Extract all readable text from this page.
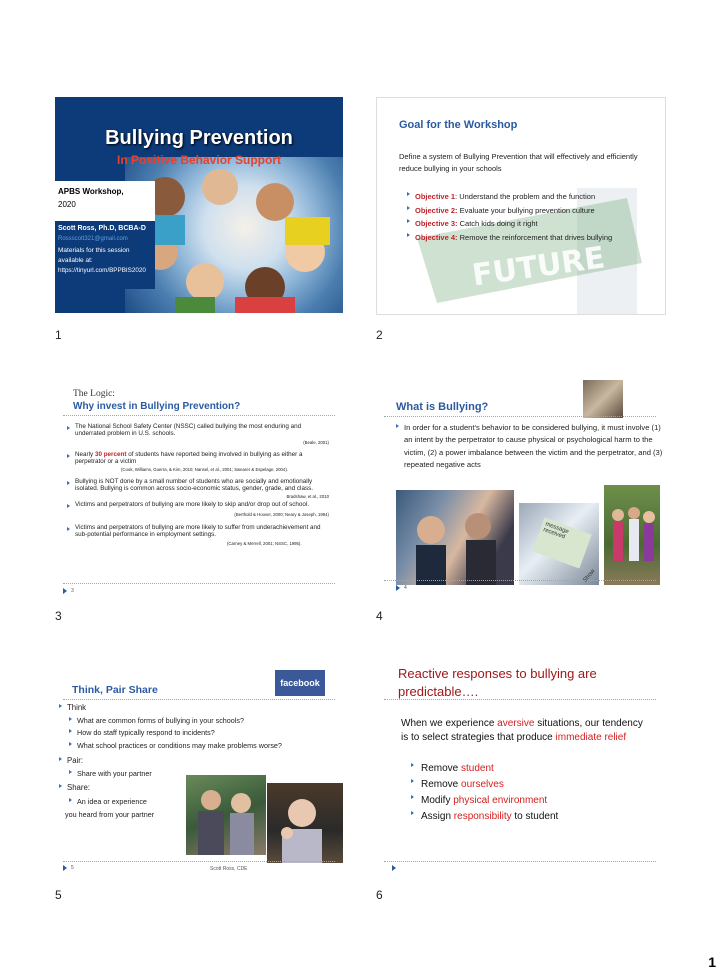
Bullying Prevention
In Positive Behavior Support
APBS Workshop,
2020
Scott Ross, Ph.D, BCBA-D
Rossscott321@gmail.com
Materials for this session available at:
https://tinyurl.com/BPPBIS2020
1
FUTURE
Goal for the Workshop
Define a system of Bullying Prevention that will effectively and efficiently reduce bullying in your schools
Objective 1: Understand the problem and the function
Objective 2: Evaluate your bullying prevention culture
Objective 3: Catch kids doing it right
Objective 4: Remove the reinforcement that drives bullying
2
The Logic:
Why invest in Bullying Prevention?
The National School Safety Center (NSSC) called bullying the most enduring and underrated problem in U.S. schools.
(Beale, 2001)
Nearly 30 percent of students have reported being involved in bullying as either a perpetrator or a victim
(Cook, Williams, Guerra, & Kim, 2010; Nansel, et al., 2001; Swearer & Espelage, 2004).
Bullying is NOT done by a small number of students who are socially and emotionally isolated. Bullying is common across socio-economic status, gender, grade, and class.
Bradshaw, et al., 2010
Victims and perpetrators of bullying are more likely to skip and/or drop out of school.
(Berthold & Hoover, 2000; Neary & Joseph, 1994)
Victims and perpetrators of bullying are more likely to suffer from underachievement and sub-potential performance in employment settings.
(Carney & Merrell, 2001; NSSC, 1995).
3
3
What is Bullying?
In order for a student's behavior to be considered bullying, it must involve (1) an intent by the perpetrator to cause physical or psychological harm to the victim, (2) a power imbalance between the victim and the perpetrator, and (3) repeated negative acts
message received
Show
4
4
facebook
Think, Pair Share
Think
What are common forms of bullying in your schools?
How do staff typically respond to incidents?
What school practices or conditions may make problems worse?
Pair:
Share with your partner
Share:
An idea or experience
you heard from your partner
5	Scott Ross, CDE
5
Reactive responses to bullying are predictable….
When we experience aversive situations, our tendency is to select strategies that produce immediate relief
Remove student
Remove ourselves
Modify physical environment
Assign responsibility to student
6
1
